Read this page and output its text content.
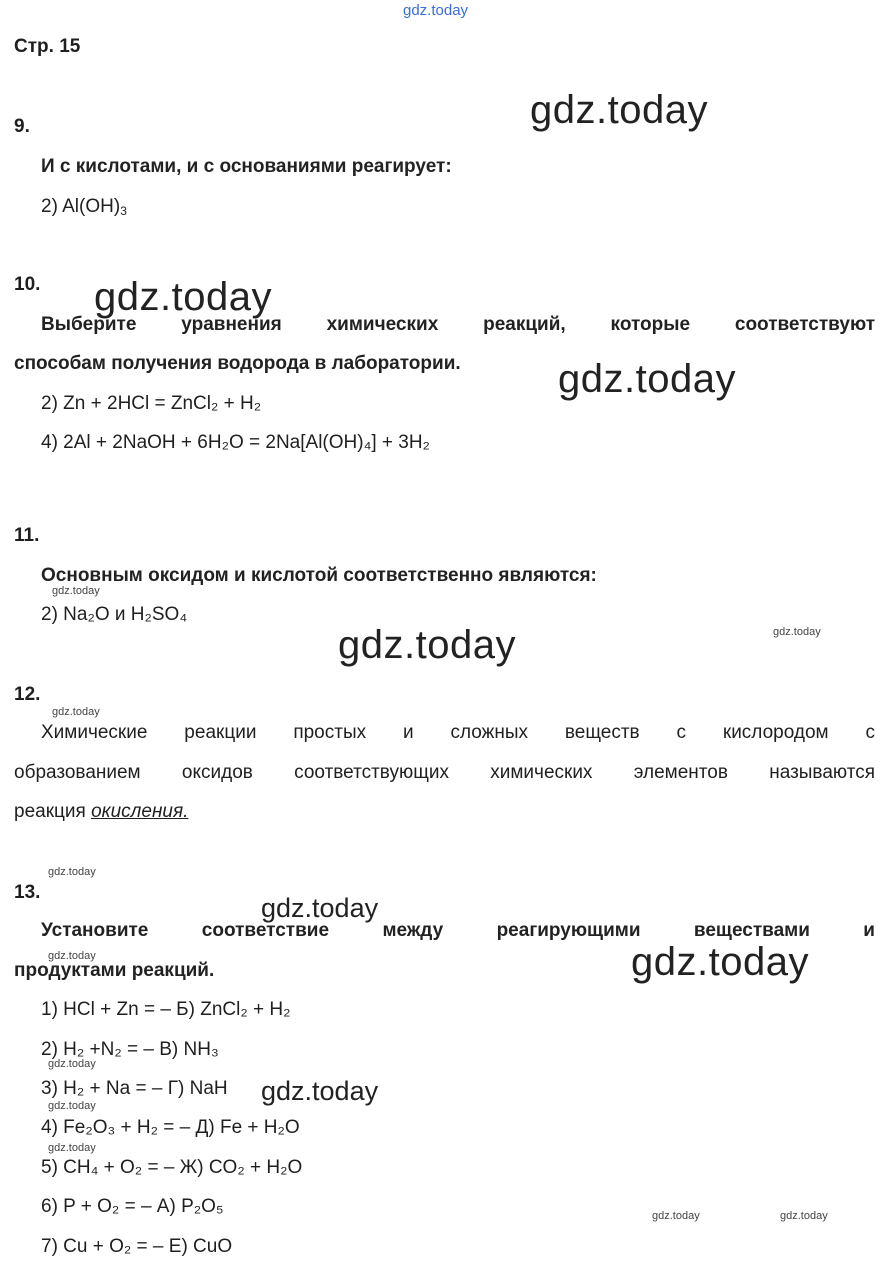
gdz.today
Стр. 15
gdz.today
9.
И с кислотами, и с основаниями реагирует:
2) $Al(OH)_3$
10. gdz.today
Выберите уравнения химических реакций, которые соответствуют
способам получения водорода в лаборатории. gdz.today
2) Zn + 2HCl = ZnCl₂ + H₂
4) 2Al + 2NaOH + 6H₂O = 2Na[Al(OH)₄] + 3H₂
11.
Основным оксидом и кислотой соответственно являются:
gdz.today
2) Na₂O и H₂SO₄
gdz.today
gdz.today
12.
gdz.today
Химические реакции простых и сложных веществ с кислородом с
образованием оксидов соответствующих химических элементов называются
реакция окисления.
gdz.today
13.
gdz.today
Установите соответствие между реагирующими веществами и
gdz.today
продуктами реакций.	gdz.today
1) HCl + Zn = – Б) ZnCl₂ + H₂
2) H₂ +N₂ = – В) NH₃
gdz.today
3) H₂ + Na = – Г) NaH gdz.today
gdz.today
4) Fe₂O₃ + H₂ = – Д) Fe + H₂O
gdz.today
5) CH₄ + O₂ = – Ж) CO₂ + H₂O
6) P + O₂ = – А) P₂O₅	gdz.today	gdz.today
7) Cu + O₂ = – Е) CuO
